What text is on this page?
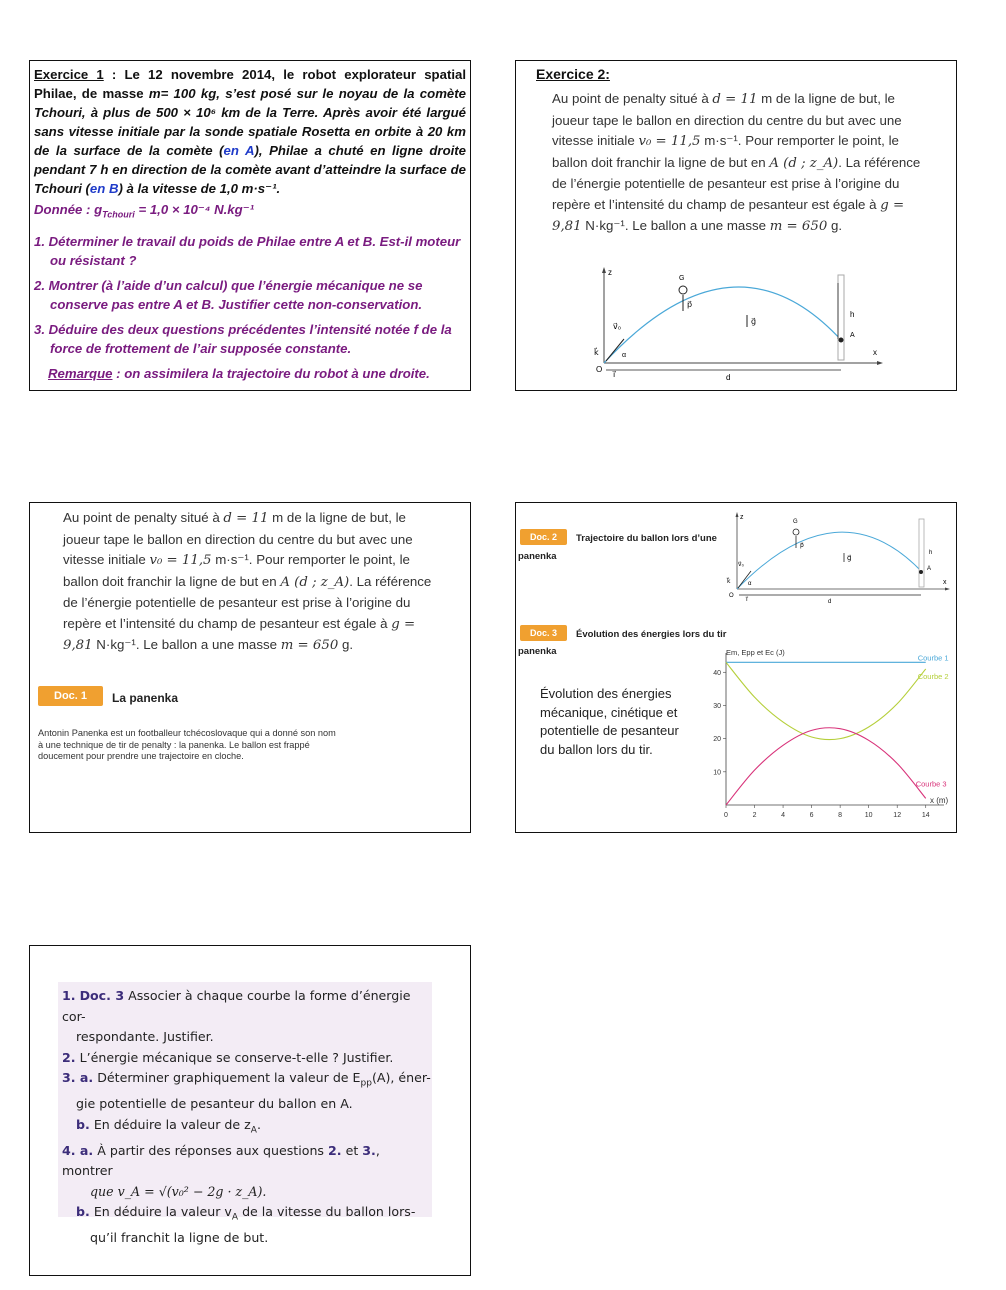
Exercice 1 : Le 12 novembre 2014, le robot explorateur spatial Philae, de masse m= 100 kg, s’est posé sur le noyau de la comète Tchouri, à plus de 500 × 10⁶ km de la Terre. Après avoir été largué sans vitesse initiale par la sonde spatiale Rosetta en orbite à 20 km de la surface de la comète (en A), Philae a chuté en ligne droite pendant 7 h en direction de la comète avant d’atteindre la surface de Tchouri (en B) à la vitesse de 1,0 m·s⁻¹.
Donnée : $g_{Tchouri} = 1,0 \times 10^{-4}$ N.kg⁻¹
1. Déterminer le travail du poids de Philae entre A et B. Est-il moteur ou résistant ?
2. Montrer (à l’aide d’un calcul) que l’énergie mécanique ne se conserve pas entre A et B. Justifier cette non-conservation.
3. Déduire des deux questions précédentes l’intensité notée f de la force de frottement de l’air supposée constante.
Remarque : on assimilera la trajectoire du robot à une droite.
Exercice 2:
Au point de penalty situé à d = 11 m de la ligne de but, le joueur tape le ballon en direction du centre du but avec une vitesse initiale v₀ = 11,5 m·s⁻¹. Pour remporter le point, le ballon doit franchir la ligne de but en A (d ; z_A). La référence de l’énergie potentielle de pesanteur est prise à l’origine du repère et l’intensité du champ de pesanteur est égale à g = 9,81 N·kg⁻¹. Le ballon a une masse m = 650 g.
z
G
p⃗
g⃗
h
A
x
v⃗₀
α
k⃗
O
i⃗	d
Au point de penalty situé à d = 11 m de la ligne de but, le joueur tape le ballon en direction du centre du but avec une vitesse initiale v₀ = 11,5 m·s⁻¹. Pour remporter le point, le ballon doit franchir la ligne de but en A (d ; z_A). La référence de l’énergie potentielle de pesanteur est prise à l’origine du repère et l’intensité du champ de pesanteur est égale à g = 9,81 N·kg⁻¹. Le ballon a une masse m = 650 g.
Doc. 1	La panenka
Antonin Panenka est un footballeur tchécoslovaque qui a donné son nom à une technique de tir de penalty : la panenka. Le ballon est frappé doucement pour prendre une trajectoire en cloche.
Doc. 2	Trajectoire du ballon lors d’une
panenka
z
G
p⃗
g⃗
h
A
x
v⃗₀
α
k⃗
O
i⃗	d
Doc. 3	Évolution des énergies lors du tir
panenka
Évolution des énergies mécanique, cinétique et potentielle de pesanteur du ballon lors du tir.
0	2	4	6	8	10	12	14
10
20
30
40
Courbe 1
Courbe 2
Courbe 3
Em, Epp et Ec (J)
x (m)
1. Doc. 3 Associer à chaque courbe la forme d’énergie cor-
respondante. Justifier.
2. L’énergie mécanique se conserve-t-elle ? Justifier.
3. a. Déterminer graphiquement la valeur de $E_{pp}(A)$, éner-
gie potentielle de pesanteur du ballon en A.
b. En déduire la valeur de $z_A$.
4. a. À partir des réponses aux questions 2. et 3., montrer
que v_A = √(v₀² − 2g · z_A).
b. En déduire la valeur $v_A$ de la vitesse du ballon lors-
qu’il franchit la ligne de but.
